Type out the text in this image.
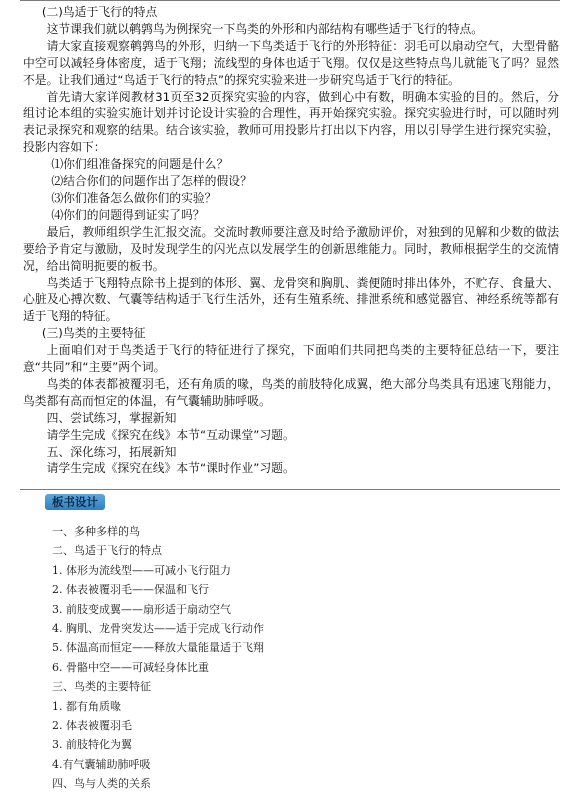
(二)鸟适于飞行的特点

这节课我们就以鹌鹑鸟为例探究一下鸟类的外形和内部结构有哪些适于飞行的特点。

请大家直接观察鹌鹑鸟的外形，归纳一下鸟类适于飞行的外形特征：羽毛可以扇动空气，大型骨骼中空可以减轻身体密度，适于飞翔；流线型的身体也适于飞翔。仅仅是这些特点鸟儿就能飞了吗？显然不是。让我们通过“鸟适于飞行的特点”的探究实验来进一步研究鸟适于飞行的特征。

首先请大家详阅教材31页至32页探究实验的内容，做到心中有数，明确本实验的目的。然后，分组讨论本组的实验实施计划并讨论设计实验的合理性，再开始探究实验。探究实验进行时，可以随时列表记录探究和观察的结果。结合该实验，教师可用投影片打出以下内容，用以引导学生进行探究实验，投影内容如下：

⑴你们组准备探究的问题是什么？

⑵结合你们的问题作出了怎样的假设？

⑶你们准备怎么做你们的实验？

⑷你们的问题得到证实了吗？

最后，教师组织学生汇报交流。交流时教师要注意及时给予激励评价，对独到的见解和少数的做法要给予肯定与激励，及时发现学生的闪光点以发展学生的创新思维能力。同时，教师根据学生的交流情况，给出简明扼要的板书。

鸟类适于飞翔特点除书上提到的体形、翼、龙骨突和胸肌、粪便随时排出体外，不贮存、食量大、心脏及心搏次数、气囊等结构适于飞行生活外，还有生殖系统、排泄系统和感觉器官、神经系统等都有适于飞翔的特征。

(三)鸟类的主要特征

上面咱们对于鸟类适于飞行的特征进行了探究，下面咱们共同把鸟类的主要特征总结一下，要注意“共同”和“主要”两个词。

鸟类的体表都被覆羽毛，还有角质的喙，鸟类的前肢特化成翼，绝大部分鸟类具有迅速飞翔能力，鸟类都有高而恒定的体温，有气囊辅助肺呼吸。

四、尝试练习，掌握新知

请学生完成《探究在线》本节“互动课堂”习题。

五、深化练习，拓展新知

请学生完成《探究在线》本节“课时作业”习题。

板书设计
一、多种多样的鸟
二、鸟适于飞行的特点
1. 体形为流线型——可减小飞行阻力
2. 体表被覆羽毛——保温和飞行
3. 前肢变成翼——扇形适于扇动空气
4. 胸肌、龙骨突发达——适于完成飞行动作
5. 体温高而恒定——释放大量能量适于飞翔
6. 骨骼中空——可减轻身体比重
三、鸟类的主要特征
1. 都有角质喙
2. 体表被覆羽毛
3. 前肢特化为翼
4.有气囊辅助肺呼吸
四、鸟与人类的关系
